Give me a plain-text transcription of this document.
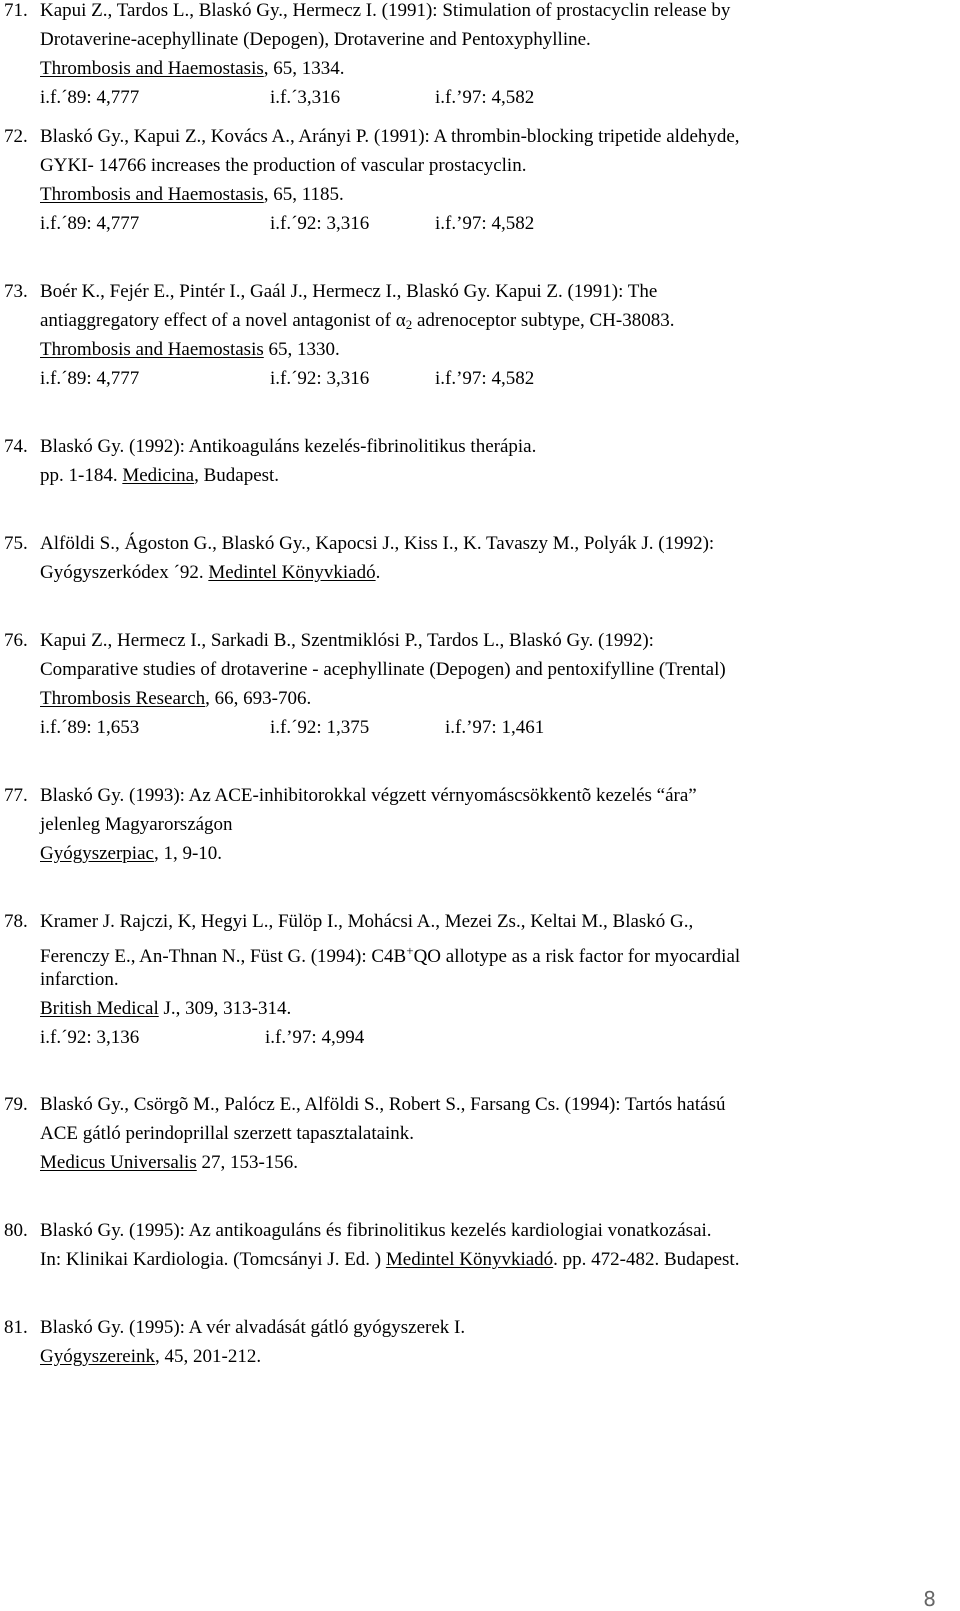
71. Kapui Z., Tardos L., Blaskó Gy., Hermecz I. (1991): Stimulation of prostacyclin release by
Drotaverine-acephyllinate (Depogen), Drotaverine and Pentoxyphylline.
Thrombosis and Haemostasis, 65, 1334.
i.f.´89: 4,777	i.f.´3,316	i.f.’97: 4,582
72. Blaskó Gy., Kapui Z., Kovács A., Arányi P. (1991): A thrombin-blocking tripetide aldehyde,
GYKI- 14766 increases the production of vascular prostacyclin.
Thrombosis and Haemostasis, 65, 1185.
i.f.´89: 4,777	i.f.´92: 3,316	i.f.’97: 4,582
73. Boér K., Fejér E., Pintér I., Gaál J., Hermecz I., Blaskó Gy. Kapui Z. (1991): The
antiaggregatory effect of a novel antagonist of $\alpha_2$ adrenoceptor subtype, CH-38083.
Thrombosis and Haemostasis 65, 1330.
i.f.´89: 4,777	i.f.´92: 3,316	i.f.’97: 4,582
74. Blaskó Gy. (1992): Antikoaguláns kezelés-fibrinolitikus therápia.
pp. 1-184. Medicina, Budapest.
75. Alföldi S., Ágoston G., Blaskó Gy., Kapocsi J., Kiss I., K. Tavaszy M., Polyák J. (1992):
Gyógyszerkódex ´92. Medintel Könyvkiadó.
76. Kapui Z., Hermecz I., Sarkadi B., Szentmiklósi P., Tardos L., Blaskó Gy. (1992):
Comparative studies of drotaverine - acephyllinate (Depogen) and pentoxifylline (Trental)
Thrombosis Research, 66, 693-706.
i.f.´89: 1,653	i.f.´92: 1,375	i.f.’97: 1,461
77. Blaskó Gy. (1993): Az ACE-inhibitorokkal végzett vérnyomáscsökkentõ kezelés “ára”
jelenleg Magyarországon
Gyógyszerpiac, 1, 9-10.
78. Kramer J. Rajczi, K, Hegyi L., Fülöp I., Mohácsi A., Mezei Zs., Keltai M., Blaskó G.,
Ferenczy E., An-Thnan N., Füst G. (1994): C4B+QO allotype as a risk factor for myocardial
infarction.
British Medical J., 309, 313-314.
i.f.´92: 3,136	i.f.’97: 4,994
79. Blaskó Gy., Csörgõ M., Palócz E., Alföldi S., Robert S., Farsang Cs. (1994): Tartós hatású
ACE gátló perindoprillal szerzett tapasztalataink.
Medicus Universalis 27, 153-156.
80. Blaskó Gy. (1995): Az antikoaguláns és fibrinolitikus kezelés kardiologiai vonatkozásai.
In: Klinikai Kardiologia. (Tomcsányi J. Ed. ) Medintel Könyvkiadó. pp. 472-482. Budapest.
81. Blaskó Gy. (1995): A vér alvadását gátló gyógyszerek I.
Gyógyszereink, 45, 201-212.
8
